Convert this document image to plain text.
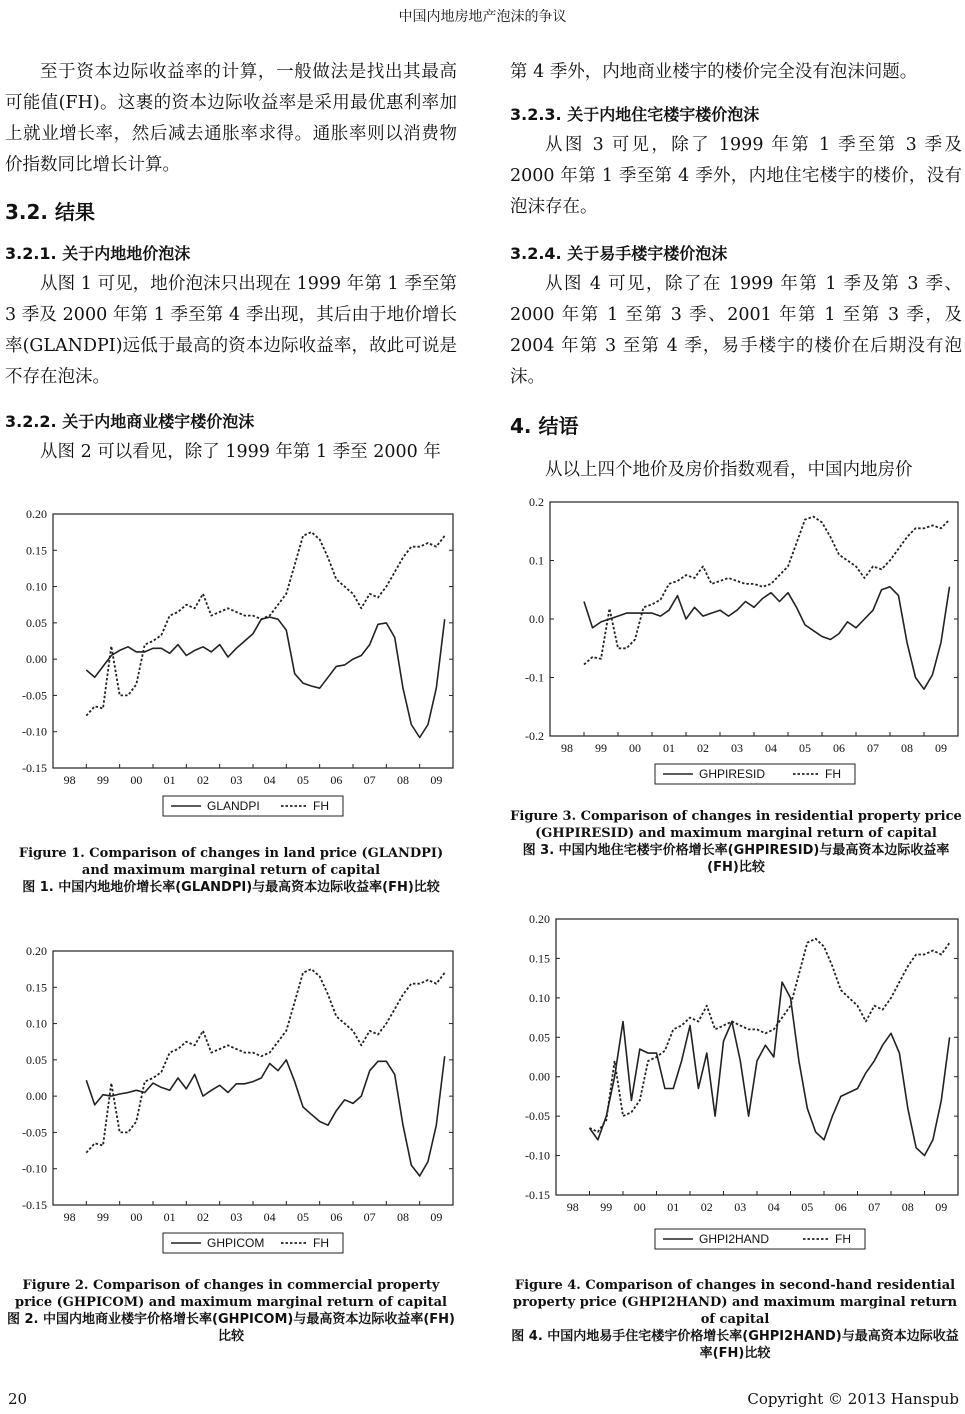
中国内地房地产泡沫的争议

至于资本边际收益率的计算，一般做法是找出其最高可能值(FH)。这裹的资本边际收益率是采用最优惠利率加上就业增长率，然后减去通胀率求得。通胀率则以消费物价指数同比增长计算。

3.2. 结果
3.2.1. 关于内地地价泡沫

从图 1 可见，地价泡沫只出现在 1999 年第 1 季至第 3 季及 2000 年第 1 季至第 4 季出现，其后由于地价增长率(GLANDPI)远低于最高的资本边际收益率，故此可说是不存在泡沫。

3.2.2. 关于内地商业楼宇楼价泡沫

从图 2 可以看见，除了 1999 年第 1 季至 2000 年

第 4 季外，内地商业楼宇的楼价完全没有泡沫问题。

3.2.3. 关于内地住宅楼宇楼价泡沫

从图 3 可见，除了 1999 年第 1 季至第 3 季及 2000 年第 1 季至第 4 季外，内地住宅楼宇的楼价，没有泡沫存在。

3.2.4. 关于易手楼宇楼价泡沫

从图 4 可见，除了在 1999 年第 1 季及第 3 季、2000 年第 1 至第 3 季、2001 年第 1 至第 3 季，及 2004 年第 3 至第 4 季，易手楼宇的楼价在后期没有泡沫。

4. 结语

从以上四个地价及房价指数观看，中国内地房价

0.20
0.15
0.10
0.05
0.00
-0.05
-0.10
-0.15
98 99 00 01 02 03 04 05 06 07 08 09
GLANDPI	FH
Figure 1. Comparison of changes in land price (GLANDPI) and maximum marginal return of capital
图 1. 中国内地地价增长率(GLANDPI)与最高资本边际收益率(FH)比较
0.20
0.15
0.10
0.05
0.00
-0.05
-0.10
-0.15
98 99 00 01 02 03 04 05 06 07 08 09
GHPICOM	FH
Figure 2. Comparison of changes in commercial property price (GHPICOM) and maximum marginal return of capital
图 2. 中国内地商业楼宇价格增长率(GHPICOM)与最高资本边际收益率(FH)比较
0.2
0.1
0.0
-0.1
-0.2
98 99 00 01 02 03 04 05 06 07 08 09
GHPIRESID	FH
Figure 3. Comparison of changes in residential property price (GHPIRESID) and maximum marginal return of capital
图 3. 中国内地住宅楼宇价格增长率(GHPIRESID)与最高资本边际收益率(FH)比较
0.20
0.15
0.10
0.05
0.00
-0.05
-0.10
-0.15
98 99 00 01 02 03 04 05 06 07 08 09
GHPI2HAND	FH
Figure 4. Comparison of changes in second-hand residential property price (GHPI2HAND) and maximum marginal return of capital
图 4. 中国内地易手住宅楼宇价格增长率(GHPI2HAND)与最高资本边际收益率(FH)比较
20	Copyright © 2013 Hanspub
